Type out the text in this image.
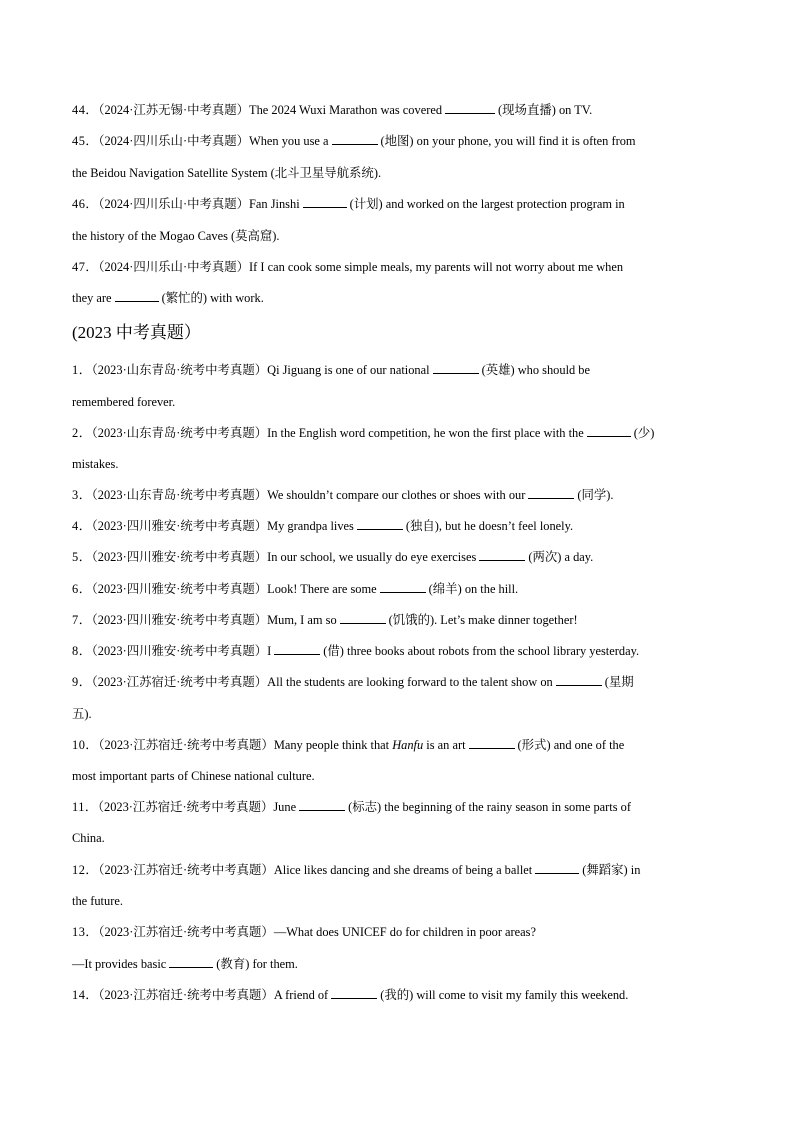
44．（2024·江苏无锡·中考真题）The 2024 Wuxi Marathon was covered	(现场直播) on TV.
45．（2024·四川乐山·中考真题）When you use a	(地图) on your phone, you will find it is often from
the Beidou Navigation Satellite System (北斗卫星导航系统).
46．（2024·四川乐山·中考真题）Fan Jinshi	(计划) and worked on the largest protection program in
the history of the Mogao Caves (莫高窟).
47．（2024·四川乐山·中考真题）If I can cook some simple meals, my parents will not worry about me when
they are	(繁忙的) with work.
(2023 中考真题）
1．（2023·山东青岛·统考中考真题）Qi Jiguang is one of our national	(英雄) who should be
remembered forever.
2．（2023·山东青岛·统考中考真题）In the English word competition, he won the first place with the	(少)
mistakes.
3．（2023·山东青岛·统考中考真题）We shouldn’t compare our clothes or shoes with our	(同学).
4．（2023·四川雅安·统考中考真题）My grandpa lives	(独自), but he doesn’t feel lonely.
5．（2023·四川雅安·统考中考真题）In our school, we usually do eye exercises	(两次) a day.
6．（2023·四川雅安·统考中考真题）Look! There are some	(绵羊) on the hill.
7．（2023·四川雅安·统考中考真题）Mum, I am so	(饥饿的). Let’s make dinner together!
8．（2023·四川雅安·统考中考真题）I	(借) three books about robots from the school library yesterday.
9．（2023·江苏宿迁·统考中考真题）All the students are looking forward to the talent show on	(星期
五).
10．（2023·江苏宿迁·统考中考真题）Many people think that Hanfu is an art	(形式) and one of the
most important parts of Chinese national culture.
11．（2023·江苏宿迁·统考中考真题）June	(标志) the beginning of the rainy season in some parts of
China.
12．（2023·江苏宿迁·统考中考真题）Alice likes dancing and she dreams of being a ballet	(舞蹈家) in
the future.
13．（2023·江苏宿迁·统考中考真题）—What does UNICEF do for children in poor areas?
—It provides basic	(教育) for them.
14．（2023·江苏宿迁·统考中考真题）A friend of	(我的) will come to visit my family this weekend.
